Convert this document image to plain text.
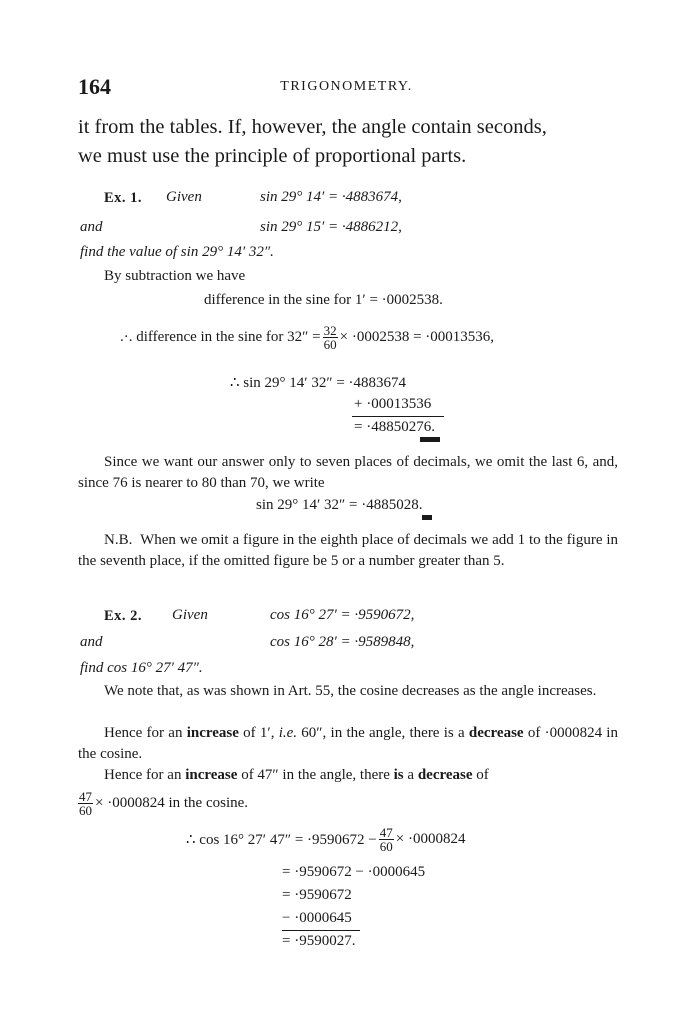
164	TRIGONOMETRY.
it from the tables. If, however, the angle contain seconds,
we must use the principle of proportional parts.
Ex. 1. Given	sin 29° 14′ = ·4883674,
and	sin 29° 15′ = ·4886212,
find the value of sin 29° 14′ 32″.
By subtraction we have
difference in the sine for 1′ = ·0002538.
.·. difference in the sine for $32'' = \frac{32}{60} \times \cdot 0002538 = \cdot 00013536$,
∴ sin 29° 14′ 32″ = ·4883674
+ ·00013536
= ·48850276.
Since we want our answer only to seven places of decimals, we omit the last 6, and, since 76 is nearer to 80 than 70, we write
sin 29° 14′ 32″ = ·4885028.
N.B. When we omit a figure in the eighth place of decimals we add 1 to the figure in the seventh place, if the omitted figure be 5 or a number greater than 5.
Ex. 2. Given	cos 16° 27′ = ·9590672,
and	cos 16° 28′ = ·9589848,
find cos 16° 27′ 47″.
We note that, as was shown in Art. 55, the cosine decreases as the angle increases.
Hence for an increase of 1′, i.e. 60″, in the angle, there is a decrease of ·0000824 in the cosine.
Hence for an increase of 47″ in the angle, there is a decrease of
$\frac{47}{60} \times \cdot 0000824$ in the cosine.
∴ cos 16° 27′ $47'' = \cdot 9590672 - \frac{47}{60} \times \cdot 0000824$
= ·9590672 − ·0000645
= ·9590672
− ·0000645
= ·9590027.
